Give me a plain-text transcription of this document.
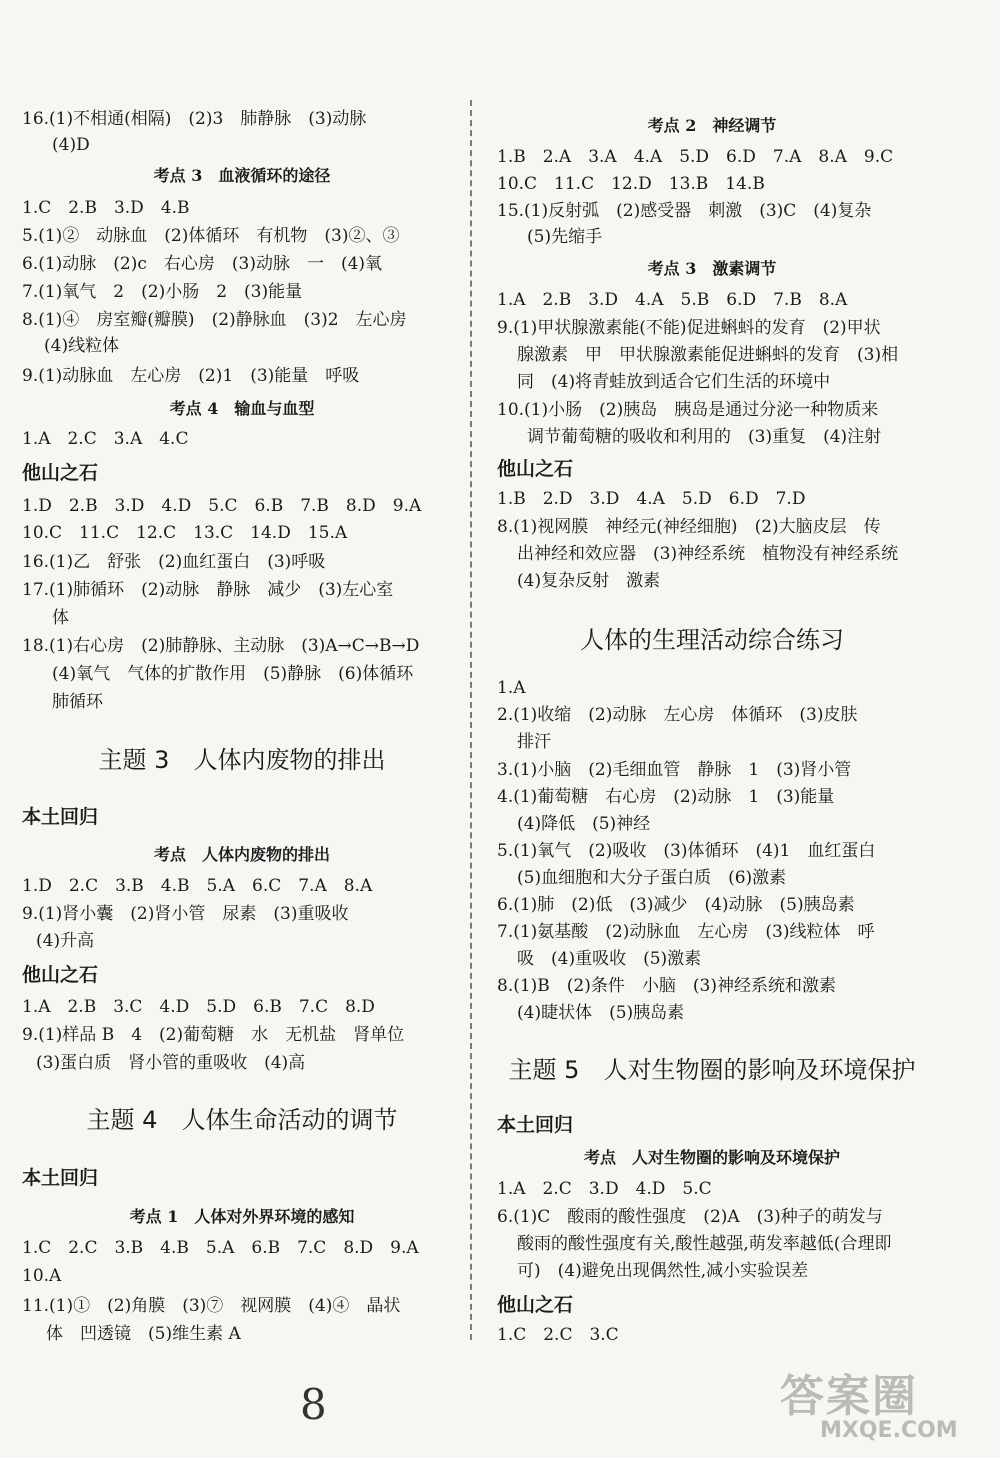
16.(1)不相通(相隔)　(2)3　肺静脉　(3)动脉
(4)D
考点 3　血液循环的途径
1.C　2.B　3.D　4.B
5.(1)②　动脉血　(2)体循环　有机物　(3)②、③
6.(1)动脉　(2)c　右心房　(3)动脉　一　(4)氧
7.(1)氧气　2　(2)小肠　2　(3)能量
8.(1)④　房室瓣(瓣膜)　(2)静脉血　(3)2　左心房
(4)线粒体
9.(1)动脉血　左心房　(2)1　(3)能量　呼吸
考点 4　输血与血型
1.A　2.C　3.A　4.C
他山之石
1.D　2.B　3.D　4.D　5.C　6.B　7.B　8.D　9.A
10.C　11.C　12.C　13.C　14.D　15.A
16.(1)乙　舒张　(2)血红蛋白　(3)呼吸
17.(1)肺循环　(2)动脉　静脉　减少　(3)左心室
体
18.(1)右心房　(2)肺静脉、主动脉　(3)A→C→B→D
(4)氧气　气体的扩散作用　(5)静脉　(6)体循环
肺循环
主题 3　人体内废物的排出
本土回归
考点　人体内废物的排出
1.D　2.C　3.B　4.B　5.A　6.C　7.A　8.A
9.(1)肾小囊　(2)肾小管　尿素　(3)重吸收
(4)升高
他山之石
1.A　2.B　3.C　4.D　5.D　6.B　7.C　8.D
9.(1)样品 B　4　(2)葡萄糖　水　无机盐　肾单位
(3)蛋白质　肾小管的重吸收　(4)高
主题 4　人体生命活动的调节
本土回归
考点 1　人体对外界环境的感知
1.C　2.C　3.B　4.B　5.A　6.B　7.C　8.D　9.A
10.A
11.(1)①　(2)角膜　(3)⑦　视网膜　(4)④　晶状
体　凹透镜　(5)维生素 A
考点 2　神经调节
1.B　2.A　3.A　4.A　5.D　6.D　7.A　8.A　9.C
10.C　11.C　12.D　13.B　14.B
15.(1)反射弧　(2)感受器　刺激　(3)C　(4)复杂
(5)先缩手
考点 3　激素调节
1.A　2.B　3.D　4.A　5.B　6.D　7.B　8.A
9.(1)甲状腺激素能(不能)促进蝌蚪的发育　(2)甲状
腺激素　甲　甲状腺激素能促进蝌蚪的发育　(3)相
同　(4)将青蛙放到适合它们生活的环境中
10.(1)小肠　(2)胰岛　胰岛是通过分泌一种物质来
调节葡萄糖的吸收和利用的　(3)重复　(4)注射
他山之石
1.B　2.D　3.D　4.A　5.D　6.D　7.D
8.(1)视网膜　神经元(神经细胞)　(2)大脑皮层　传
出神经和效应器　(3)神经系统　植物没有神经系统
(4)复杂反射　激素
人体的生理活动综合练习
1.A
2.(1)收缩　(2)动脉　左心房　体循环　(3)皮肤
排汗
3.(1)小脑　(2)毛细血管　静脉　1　(3)肾小管
4.(1)葡萄糖　右心房　(2)动脉　1　(3)能量
(4)降低　(5)神经
5.(1)氧气　(2)吸收　(3)体循环　(4)1　血红蛋白
(5)血细胞和大分子蛋白质　(6)激素
6.(1)肺　(2)低　(3)减少　(4)动脉　(5)胰岛素
7.(1)氨基酸　(2)动脉血　左心房　(3)线粒体　呼
吸　(4)重吸收　(5)激素
8.(1)B　(2)条件　小脑　(3)神经系统和激素
(4)睫状体　(5)胰岛素
主题 5　人对生物圈的影响及环境保护
本土回归
考点　人对生物圈的影响及环境保护
1.A　2.C　3.D　4.D　5.C
6.(1)C　酸雨的酸性强度　(2)A　(3)种子的萌发与
酸雨的酸性强度有关,酸性越强,萌发率越低(合理即
可)　(4)避免出现偶然性,减小实验误差
他山之石
1.C　2.C　3.C
8	答案圈
MXQE.COM
